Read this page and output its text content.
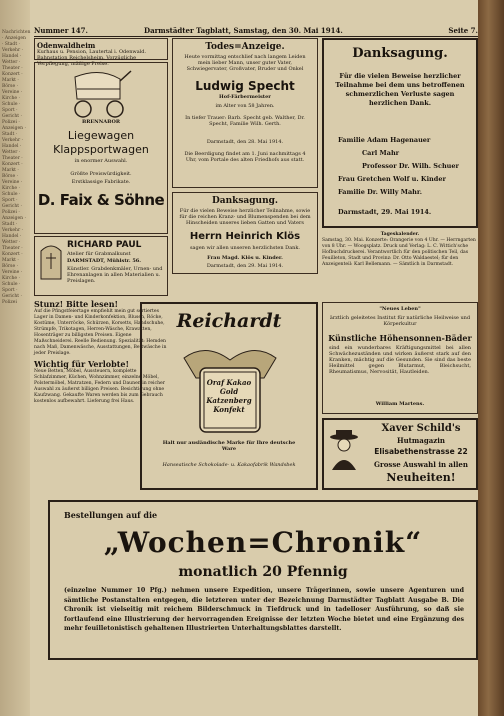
Nachrichten · Anzeigen · Stadt · Verkehr · Handel · Wetter · Theater · Konzert · Markt · Börse · Vereine · Kirche · Schule · Sport · Gericht · Polizei · Anzeigen · Stadt · Verkehr · Handel · Wetter · Theater · Konzert · Markt · Börse · Vereine · Kirche · Schule · Sport · Gericht · Polizei · Anzeigen · Stadt · Verkehr · Handel · Wetter · Theater · Konzert · Markt · Börse · Vereine · Kirche · Schule · Sport · Gericht · Polizei
Nummer 147.	Darmstädter Tagblatt, Samstag, den 30. Mai 1914.	Seite 7.
Odenwaldheim
Kurhaus u. Pension, Lautertal i. Odenwald. Bahnstation Reichelsheim. Vorzügliche Verpflegung, mäßige Preise.
BRENNABOR
Liegewagen
Klappsportwagen
in enormer Auswahl.
Größte Preiswürdigkeit.
Erstklassige Fabrikate.
D. Faix & Söhne
RICHARD PAUL
Atelier für Grabmalkunst
DARMSTADT, Mühlstr. 56.
Künstler. Grabdenkmäler, Urnen- und Ehrenanlagen in allen Materialien u. Preislagen.
Stunz! Bitte lesen!
Auf die Pfingstfeiertage empfiehlt mein gut sortiertes Lager in Damen- und Kinderkonfektion, Blusen, Röcke, Kostüme, Unterröcke, Schürzen, Korsetts, Handschuhe, Strümpfe, Trikotagen, Herren-Wäsche, Krawatten, Hosenträger zu billigsten Preisen. Eigene Maßschneiderei. Reelle Bedienung. Spezialität: Hemden nach Maß, Damenwäsche, Ausstattungen, Bettwäsche in jeder Preislage.
Wichtig für Verlobte!
Neue Betten, Möbel, Aussteuern, komplette Schlafzimmer, Küchen, Wohnzimmer, einzelne Möbel, Polstermöbel, Matratzen, Federn und Daunen in reicher Auswahl zu äußerst billigen Preisen. Besichtigung ohne Kaufzwang. Gekaufte Waren werden bis zum Gebrauch kostenlos aufbewahrt. Lieferung frei Haus.
Todes=Anzeige.
Heute vormittag entschlief nach langem Leiden mein lieber Mann, unser guter Vater, Schwiegervater, Großvater, Bruder und Onkel
Ludwig Specht
Hof-Färbermeister
im Alter von 58 Jahren.
In tiefer Trauer: Barb. Specht geb. Walther, Dr. Specht, Familie Wilh. Gerth.
Darmstadt, den 28. Mai 1914.
Die Beerdigung findet am 1. Juni nachmittags 4 Uhr, vom Portale des alten Friedhofs aus statt.
Danksagung.
Für die vielen Beweise herzlicher Teilnahme, sowie für die reichen Kranz- und Blumenspenden bei dem Hinscheiden unseres lieben Gatten und Vaters
Herrn Heinrich Klös
sagen wir allen unseren herzlichsten Dank.
Frau Magd. Klös u. Kinder.
Darmstadt, den 29. Mai 1914.
Danksagung.
Für die vielen Beweise herzlicher Teilnahme bei dem uns betroffenen schmerzlichen Verluste sagen herzlichen Dank.
Familie Adam Hagenauer
Carl Mahr
Professor Dr. Wilh. Schuer
Frau Gretchen Wolf u. Kinder
Familie Dr. Willy Mahr.
Darmstadt, 29. Mai 1914.
Tageskalender.
Samstag, 30. Mai. Konzerte: Orangerie von 4 Uhr. — Herrngarten von 8 Uhr. — Woogsplatz. Druck und Verlag: L. C. Wittich'sche Hofbuchdruckerei. Verantwortlich für den politischen Teil, das Feuilleton, Stadt und Provinz: Dr. Otto Waldaestel; für den Anzeigenteil: Karl Bellemann. — Sämtlich in Darmstadt.
Reichardt
Oraf Kakao Gold Katzenberg Konfekt
Halt nur ausländische Marke für Ihre deutsche Ware
Hanseatische Schokolade- u. Kakaofabrik Wandsbek
"Neues Leben"
ärztlich geleitetes Institut für natürliche Heilweise und Körperkultur
Künstliche Höhensonnen-Bäder
sind ein wunderbares Kräftigungsmittel bei allen Schwächezuständen und wirken äußerst stark auf den Kranken, mächtig auf die Gesunden. Sie sind das beste Heilmittel gegen Blutarmut, Bleichsucht, Rheumatismus, Nervosität, Hautleiden.
William Martens.
Xaver Schild's
Hutmagazin
Elisabethenstrasse 22
Grosse Auswahl in allen
Neuheiten!
Bestellungen auf die
„Wochen=Chronik“
monatlich 20 Pfennig
(einzelne Nummer 10 Pfg.) nehmen unsere Expedition, unsere Trägerinnen, sowie unsere Agenturen und sämtliche Postanstalten entgegen, die letzteren unter der Bezeichnung Darmstädter Tagblatt Ausgabe B. Die Chronik ist vielseitig mit reichem Bilderschmuck in Tiefdruck und in tadelloser Ausführung, so daß sie fortlaufend eine Illustrierung der hervorragenden Ereignisse der letzten Woche bietet und eine Ergänzung des mehr feuilletonistisch gehaltenen Illustrierten Unterhaltungsblattes darstellt.
